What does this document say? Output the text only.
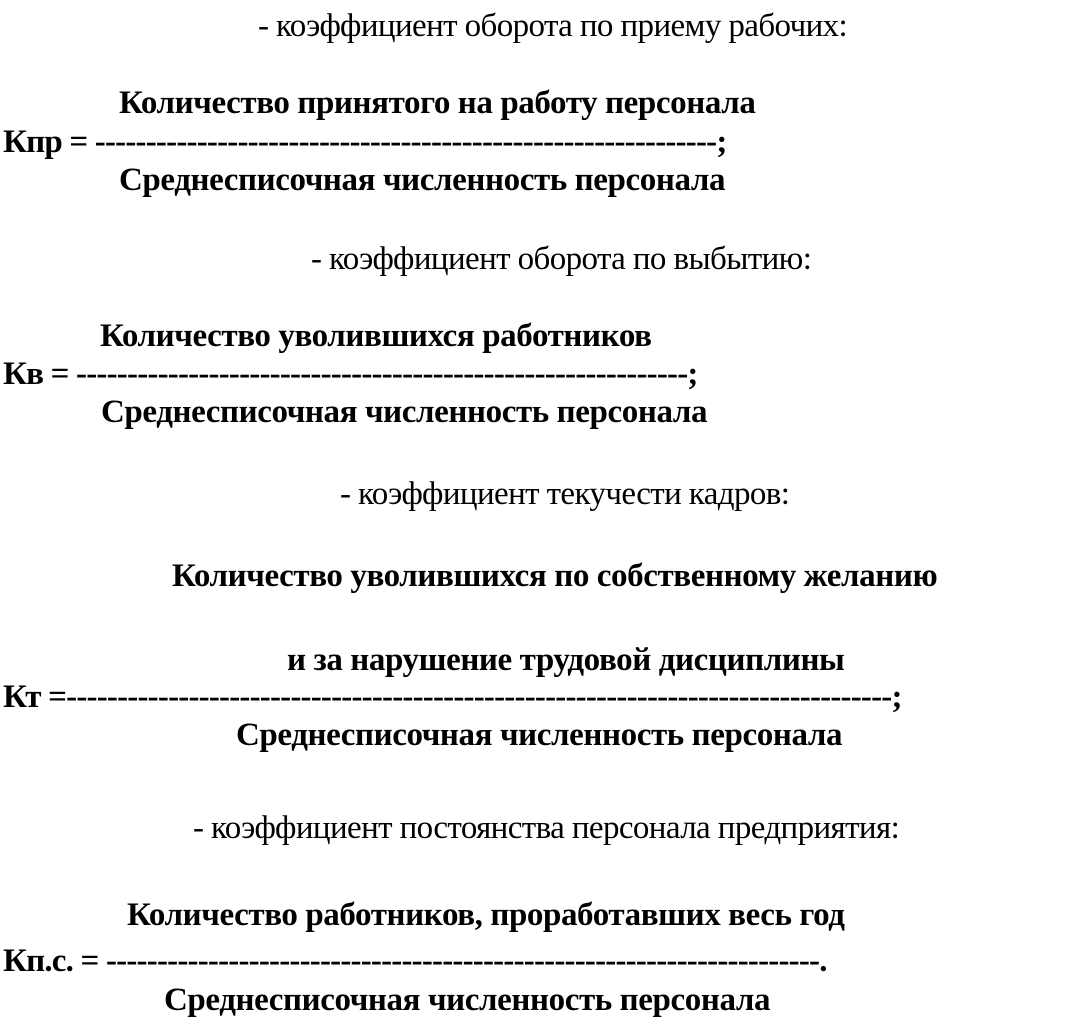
- коэффициент оборота по приему рабочих:
Количество принятого на работу персонала
Кпр = -------------------------------------------------------------;
Среднесписочная численность персонала
- коэффициент оборота по выбытию:
Количество уволившихся работников
Кв = ------------------------------------------------------------;
Среднесписочная численность персонала
- коэффициент текучести кадров:
Количество уволившихся по собственному желанию
и за нарушение трудовой дисциплины
Кт =---------------------------------------------------------------------------------;
Среднесписочная численность персонала
- коэффициент постоянства персонала предприятия:
Количество работников, проработавших весь год
Кп.с. = ----------------------------------------------------------------------.
Среднесписочная численность персонала
